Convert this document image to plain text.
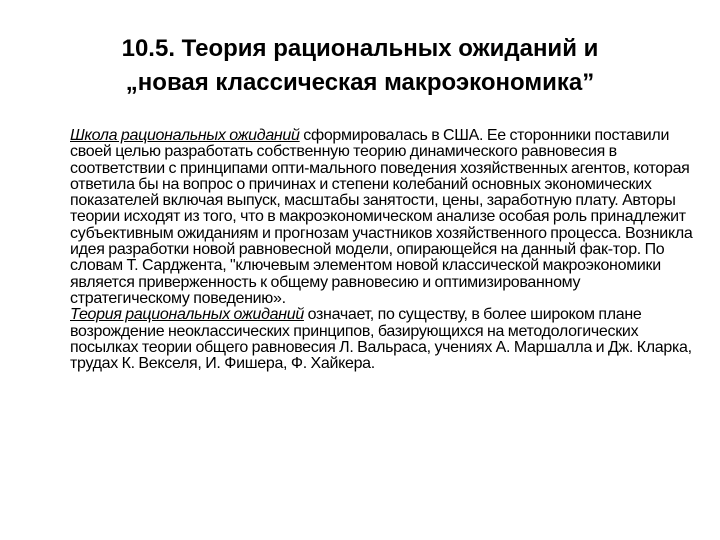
10.5. Теория рациональных ожиданий и
„новая классическая макроэкономика”

Школа рациональных ожиданий сформировалась в США. Ее сторонники поставили своей целью разработать собственную теорию динамического равновесия в соответствии с принципами опти-мального поведения хозяйственных агентов, которая ответила бы на вопрос о причинах и степени колебаний основных экономических показателей включая выпуск, масштабы занятости, цены, заработную плату. Авторы теории исходят из того, что в макроэкономическом анализе особая роль принадлежит субъективным ожиданиям и прогнозам участников хозяйственного процесса. Возникла идея разработки новой равновесной модели, опирающейся на данный фак-тор. По словам Т. Сарджента, "ключевым элементом новой классической макроэкономики является приверженность к общему равновесию и оптимизированному стратегическому поведению».

Теория рациональных ожиданий означает, по существу, в более широком плане возрождение неоклассических принципов, базирующихся на методологических посылках теории общего равновесия Л. Вальраса, учениях А. Маршалла и Дж. Кларка, трудах К. Векселя, И. Фишера, Ф. Хайкера.
